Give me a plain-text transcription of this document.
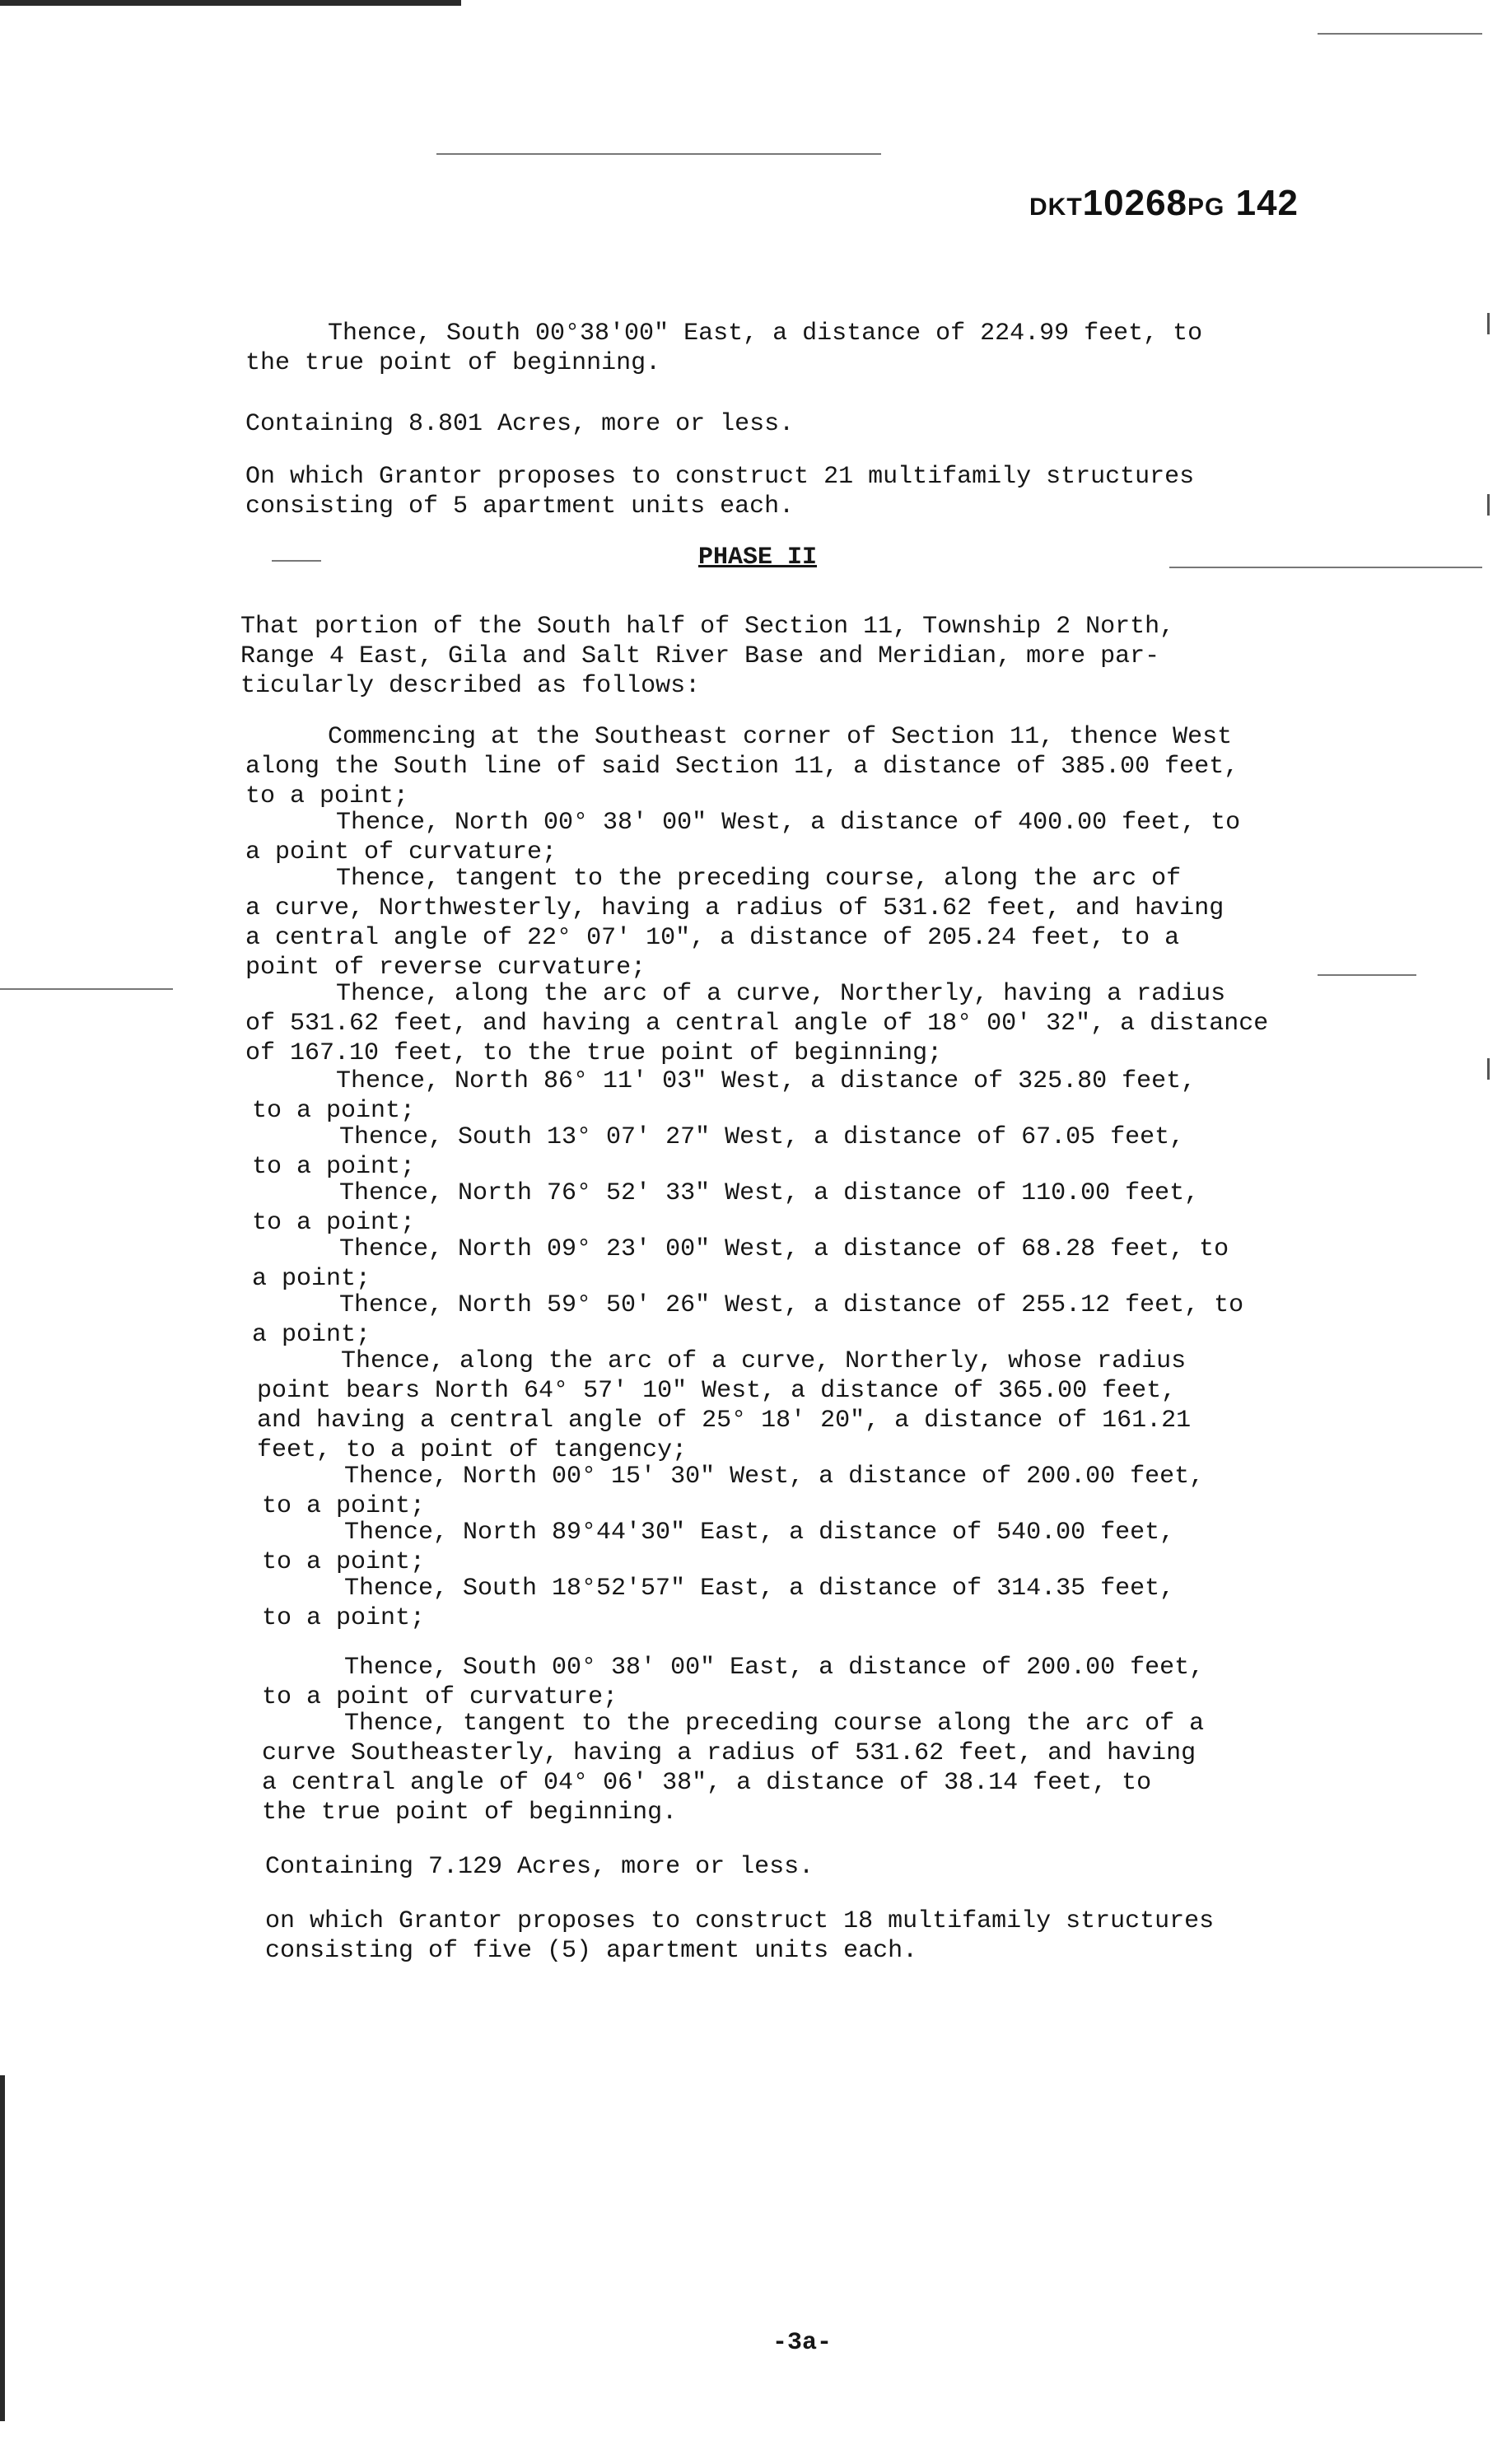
DKT10268PG 142
Thence, South 00°38'00" East, a distance of 224.99 feet, to
the true point of beginning.
Containing 8.801 Acres, more or less.
On which Grantor proposes to construct 21 multifamily structures
consisting of 5 apartment units each.
PHASE II
That portion of the South half of Section 11, Township 2 North,
Range 4 East, Gila and Salt River Base and Meridian, more par-
ticularly described as follows:
Commencing at the Southeast corner of Section 11, thence West
along the South line of said Section 11, a distance of 385.00 feet,
to a point;
Thence, North 00° 38' 00" West, a distance of 400.00 feet, to
a point of curvature;
Thence, tangent to the preceding course, along the arc of
a curve, Northwesterly, having a radius of 531.62 feet, and having
a central angle of 22° 07' 10", a distance of 205.24 feet, to a
point of reverse curvature;
Thence, along the arc of a curve, Northerly, having a radius
of 531.62 feet, and having a central angle of 18° 00' 32", a distance
of 167.10 feet, to the true point of beginning;
Thence, North 86° 11' 03" West, a distance of 325.80 feet,
to a point;
Thence, South 13° 07' 27" West, a distance of 67.05 feet,
to a point;
Thence, North 76° 52' 33" West, a distance of 110.00 feet,
to a point;
Thence, North 09° 23' 00" West, a distance of 68.28 feet, to
a point;
Thence, North 59° 50' 26" West, a distance of 255.12 feet, to
a point;
Thence, along the arc of a curve, Northerly, whose radius
point bears North 64° 57' 10" West, a distance of 365.00 feet,
and having a central angle of 25° 18' 20", a distance of 161.21
feet, to a point of tangency;
Thence, North 00° 15' 30" West, a distance of 200.00 feet,
to a point;
Thence, North 89°44'30" East, a distance of 540.00 feet,
to a point;
Thence, South 18°52'57" East, a distance of 314.35 feet,
to a point;
Thence, South 00° 38' 00" East, a distance of 200.00 feet,
to a point of curvature;
Thence, tangent to the preceding course along the arc of a
curve Southeasterly, having a radius of 531.62 feet, and having
a central angle of 04° 06' 38", a distance of 38.14 feet, to
the true point of beginning.
Containing 7.129 Acres, more or less.
on which Grantor proposes to construct 18 multifamily structures
consisting of five (5) apartment units each.
-3a-
